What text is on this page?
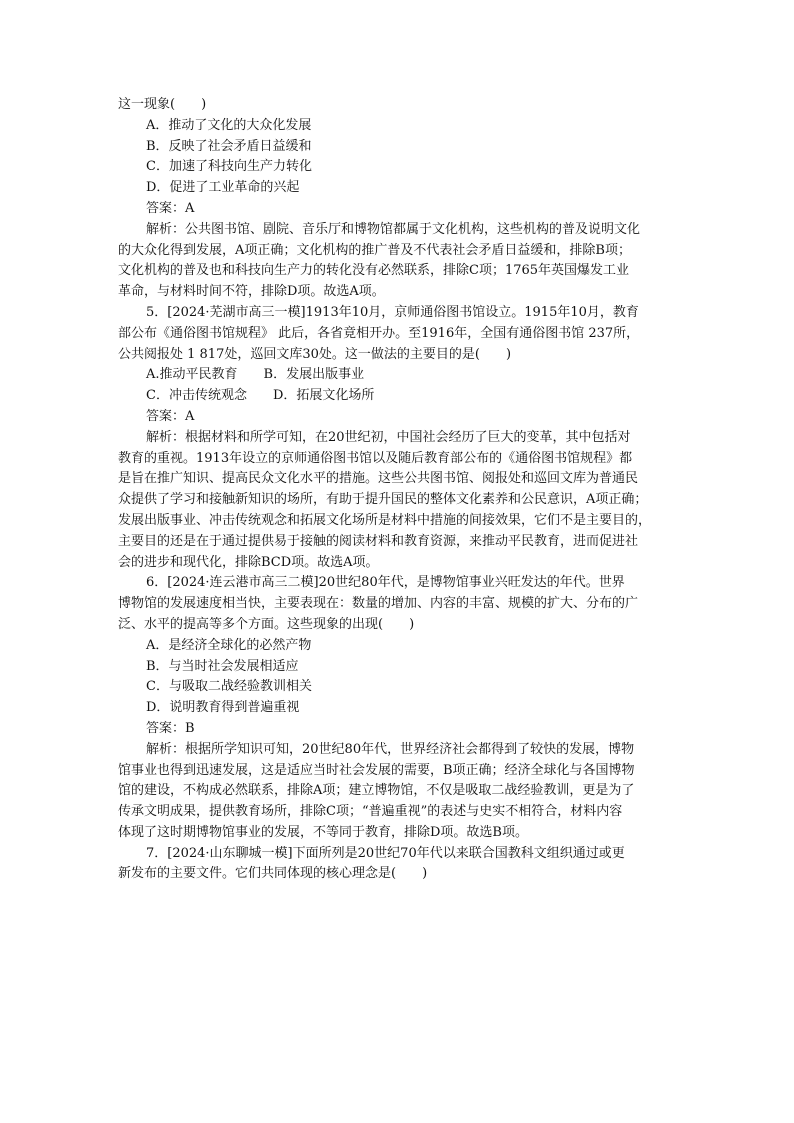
这一现象(　　)
A．推动了文化的大众化发展
B．反映了社会矛盾日益缓和
C．加速了科技向生产力转化
D．促进了工业革命的兴起
答案：A
解析：公共图书馆、剧院、音乐厅和博物馆都属于文化机构，这些机构的普及说明文化
的大众化得到发展，A项正确；文化机构的推广普及不代表社会矛盾日益缓和，排除B项；
文化机构的普及也和科技向生产力的转化没有必然联系，排除C项；1765年英国爆发工业
革命，与材料时间不符，排除D项。故选A项。
5．[2024·芜湖市高三一模]1913年10月，京师通俗图书馆设立。1915年10月，教育
部公布《通俗图书馆规程》 此后，各省竟相开办。至1916年，全国有通俗图书馆 237所，
公共阅报处 1 817处，巡回文库30处。这一做法的主要目的是(　　)
A.推动平民教育　　B．发展出版事业
C．冲击传统观念　　D．拓展文化场所
答案：A
解析：根据材料和所学可知，在20世纪初，中国社会经历了巨大的变革，其中包括对
教育的重视。1913年设立的京师通俗图书馆以及随后教育部公布的《通俗图书馆规程》都
是旨在推广知识、提高民众文化水平的措施。这些公共图书馆、阅报处和巡回文库为普通民
众提供了学习和接触新知识的场所，有助于提升国民的整体文化素养和公民意识，A项正确；
发展出版事业、冲击传统观念和拓展文化场所是材料中措施的间接效果，它们不是主要目的，
主要目的还是在于通过提供易于接触的阅读材料和教育资源，来推动平民教育，进而促进社
会的进步和现代化，排除BCD项。故选A项。
6．[2024·连云港市高三二模]20世纪80年代，是博物馆事业兴旺发达的年代。世界
博物馆的发展速度相当快，主要表现在：数量的增加、内容的丰富、规模的扩大、分布的广
泛、水平的提高等多个方面。这些现象的出现(　　)
A．是经济全球化的必然产物
B．与当时社会发展相适应
C．与吸取二战经验教训相关
D．说明教育得到普遍重视
答案：B
解析：根据所学知识可知，20世纪80年代，世界经济社会都得到了较快的发展，博物
馆事业也得到迅速发展，这是适应当时社会发展的需要，B项正确；经济全球化与各国博物
馆的建设，不构成必然联系，排除A项；建立博物馆，不仅是吸取二战经验教训，更是为了
传承文明成果，提供教育场所，排除C项；“普遍重视”的表述与史实不相符合，材料内容
体现了这时期博物馆事业的发展，不等同于教育，排除D项。故选B项。
7．[2024·山东聊城一模]下面所列是20世纪70年代以来联合国教科文组织通过或更
新发布的主要文件。它们共同体现的核心理念是(　　)
